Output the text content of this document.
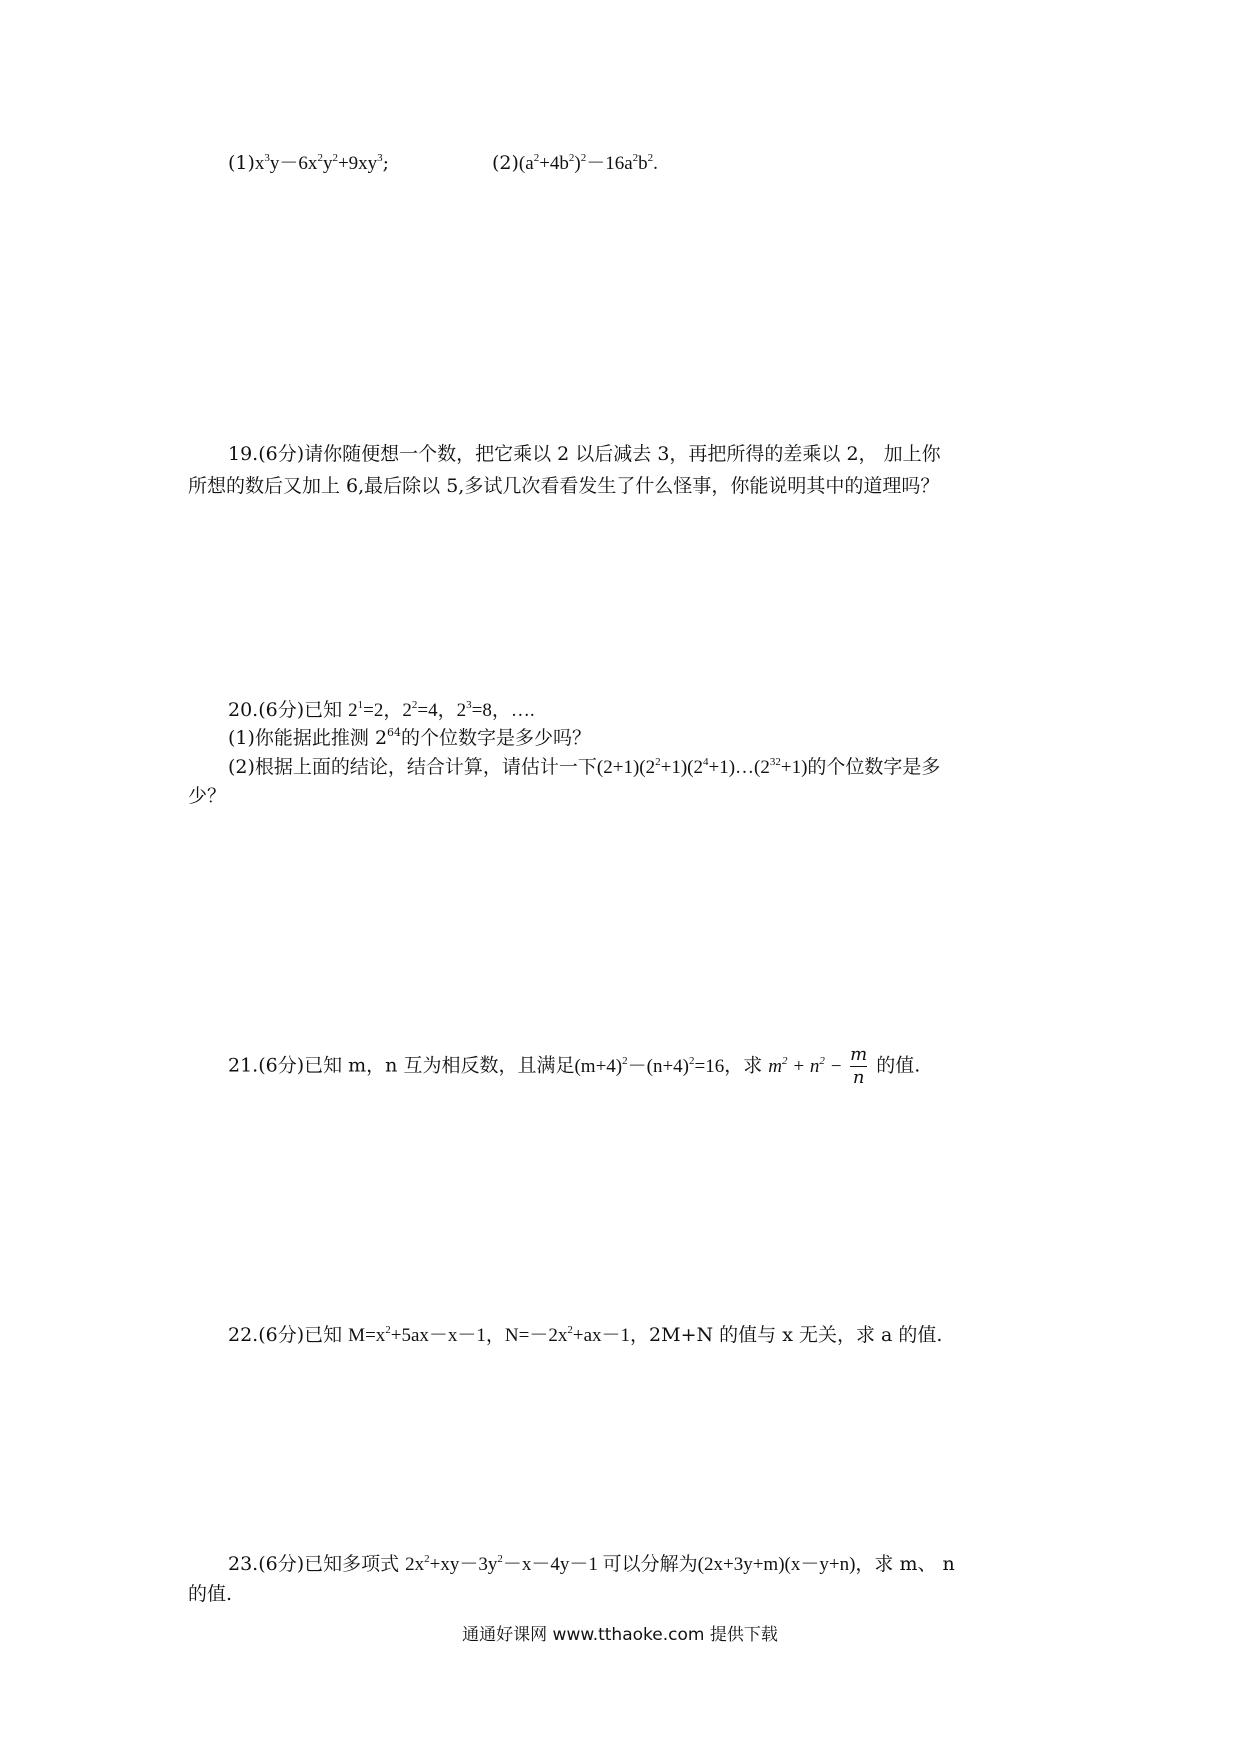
$(1)x^3y-6x^2y^2+9xy^3$;	$(2)(a^2+4b^2)^2-16a^2b^2$.
19.(6分)请你随便想一个数，把它乘以 2 以后减去 3，再把所得的差乘以 2， 加上你
所想的数后又加上 6,最后除以 5,多试几次看看发生了什么怪事，你能说明其中的道理吗？
20.(6分)已知 $2^1=2$，$2^2=4$，$2^3=8$，….
(1)你能据此推测 $2^{64}$的个位数字是多少吗？
(2)根据上面的结论，结合计算，请估计一下$(2+1)(2^2+1)(2^4+1)\dots(2^{32}+1)$的个位数字是多
少？
21.(6分)已知 m，n 互为相反数，且满足$(m+4)^2-(n+4)^2=16$，求 $m^2 + n^2 - \frac{m}{n}$ 的值.
22.(6分)已知 $M=x^2+5ax-x-1$，$N=-2x^2+ax-1$，2M+N 的值与 x 无关，求 a 的值.
23.(6分)已知多项式 $2x^2+xy-3y^2-x-4y-1$ 可以分解为(2x+3y+m)(x－y+n)，求 m、 n
的值.
通通好课网 www.tthaoke.com 提供下载
